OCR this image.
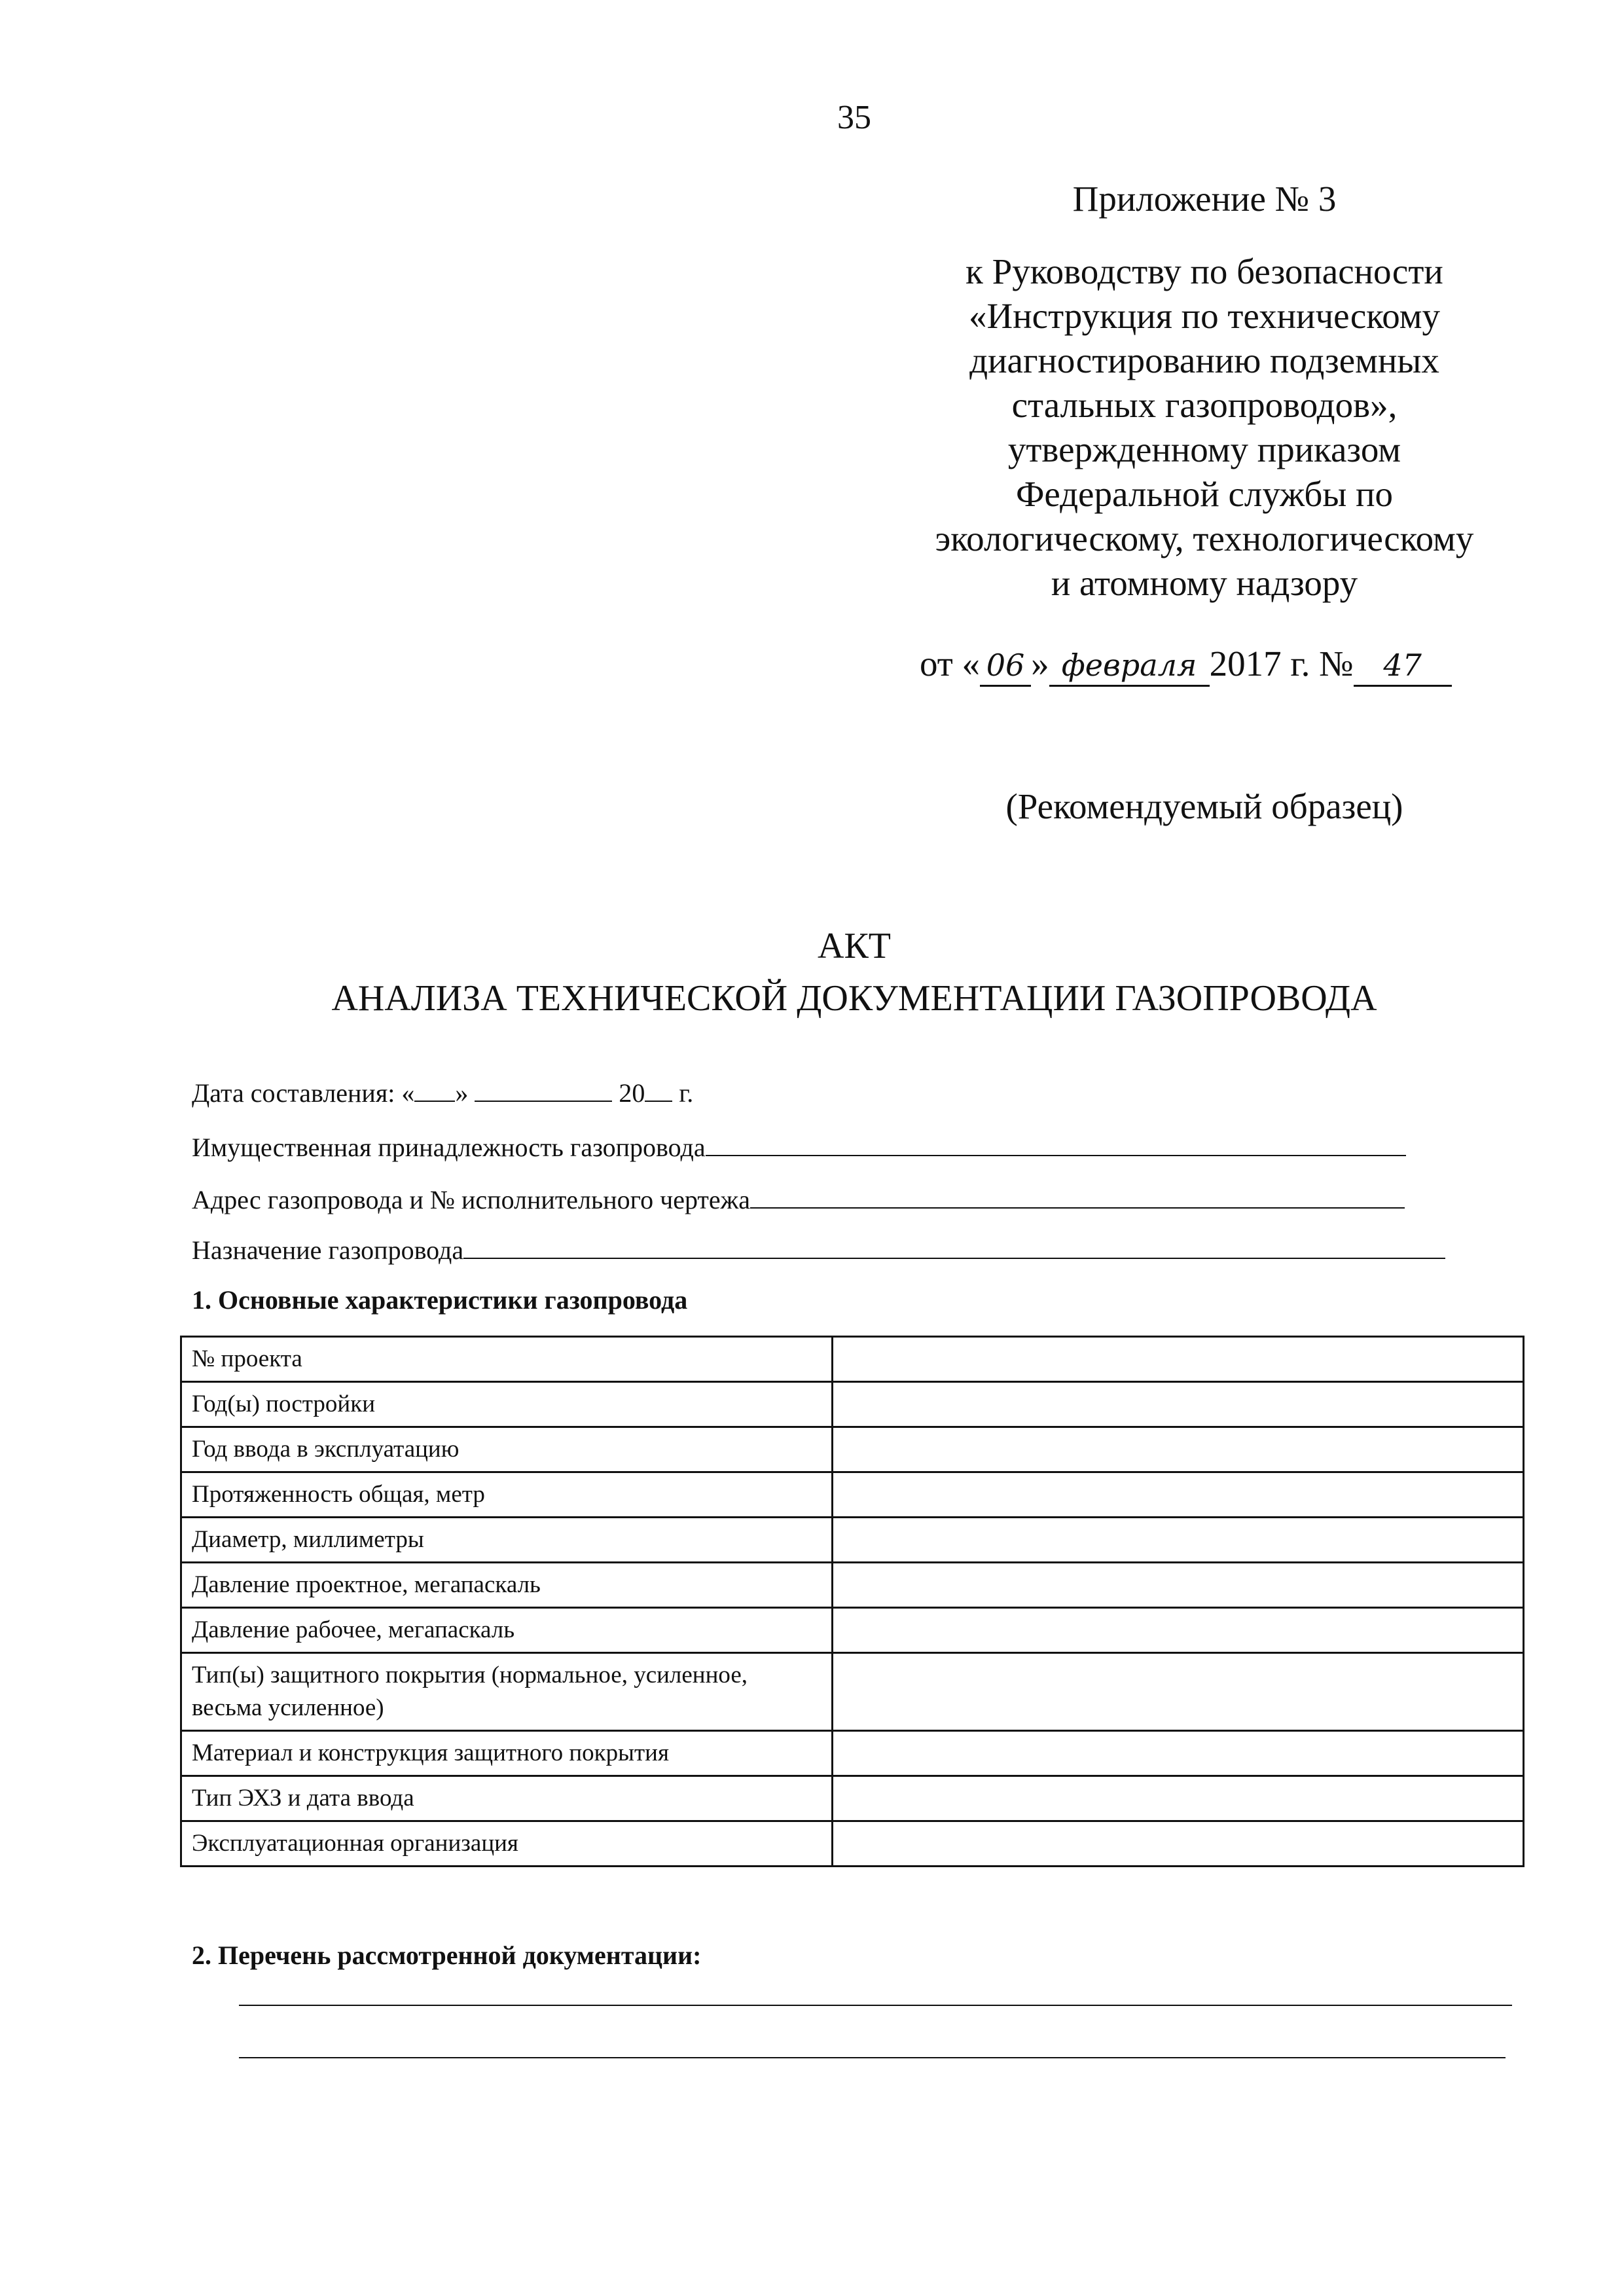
35
Приложение № 3
к Руководству по безопасности
«Инструкция по техническому
диагностированию подземных
стальных газопроводов»,
утвержденному приказом
Федеральной службы по
экологическому, технологическому
и атомному надзору
от « 06 » февраля 2017 г. № 47
(Рекомендуемый образец)
АКТ
АНАЛИЗА ТЕХНИЧЕСКОЙ ДОКУМЕНТАЦИИ ГАЗОПРОВОДА
Дата составления: « »	20 г.
Имущественная принадлежность газопровода
Адрес газопровода и № исполнительного чертежа
Назначение газопровода
1. Основные характеристики газопровода
№ проекта	
Год(ы) постройки	
Год ввода в эксплуатацию	
Протяженность общая, метр	
Диаметр, миллиметры	
Давление проектное, мегапаскаль	
Давление рабочее, мегапаскаль	
Тип(ы) защитного покрытия (нормальное, усиленное, весьма усиленное)	
Материал и конструкция защитного покрытия	
Тип ЭХЗ и дата ввода	
Эксплуатационная организация	
2. Перечень рассмотренной документации:
